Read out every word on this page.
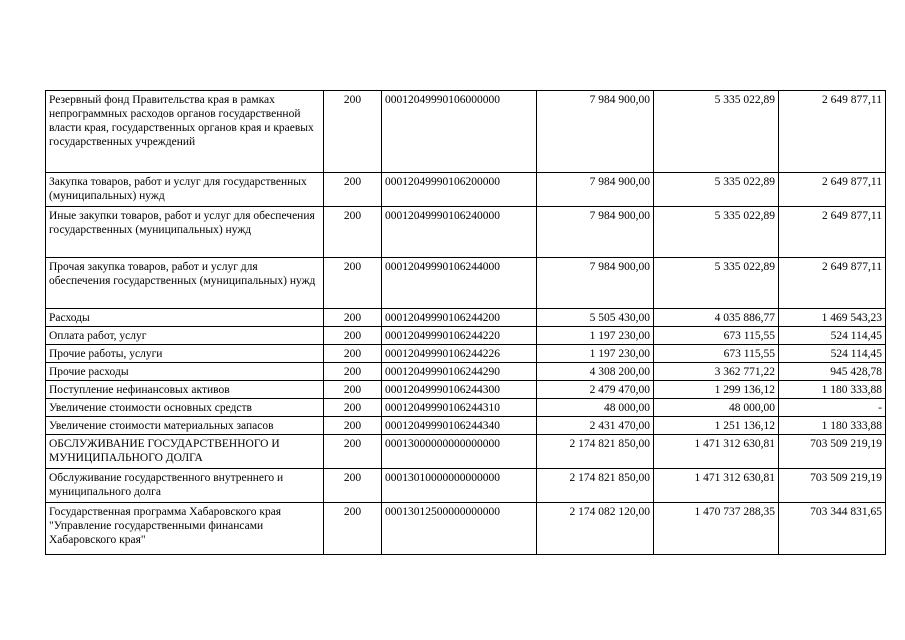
Резервный фонд Правительства края в рамках непрограммных расходов органов государственной власти края, государственных органов края и краевых государственных учреждений	200	00012049990106000000	7 984 900,00	5 335 022,89	2 649 877,11
Закупка товаров, работ и услуг для государственных (муниципальных) нужд	200	00012049990106200000	7 984 900,00	5 335 022,89	2 649 877,11
Иные закупки товаров, работ и услуг для обеспечения государственных (муниципальных) нужд	200	00012049990106240000	7 984 900,00	5 335 022,89	2 649 877,11
Прочая закупка товаров, работ и услуг для обеспечения государственных (муниципальных) нужд	200	00012049990106244000	7 984 900,00	5 335 022,89	2 649 877,11
Расходы	200	00012049990106244200	5 505 430,00	4 035 886,77	1 469 543,23
Оплата работ, услуг	200	00012049990106244220	1 197 230,00	673 115,55	524 114,45
Прочие работы, услуги	200	00012049990106244226	1 197 230,00	673 115,55	524 114,45
Прочие расходы	200	00012049990106244290	4 308 200,00	3 362 771,22	945 428,78
Поступление нефинансовых активов	200	00012049990106244300	2 479 470,00	1 299 136,12	1 180 333,88
Увеличение стоимости основных средств	200	00012049990106244310	48 000,00	48 000,00	-
Увеличение стоимости материальных запасов	200	00012049990106244340	2 431 470,00	1 251 136,12	1 180 333,88
ОБСЛУЖИВАНИЕ ГОСУДАРСТВЕННОГО И МУНИЦИПАЛЬНОГО ДОЛГА	200	00013000000000000000	2 174 821 850,00	1 471 312 630,81	703 509 219,19
Обслуживание государственного внутреннего и муниципального долга	200	00013010000000000000	2 174 821 850,00	1 471 312 630,81	703 509 219,19
Государственная программа Хабаровского края "Управление государственными финансами Хабаровского края"	200	00013012500000000000	2 174 082 120,00	1 470 737 288,35	703 344 831,65
